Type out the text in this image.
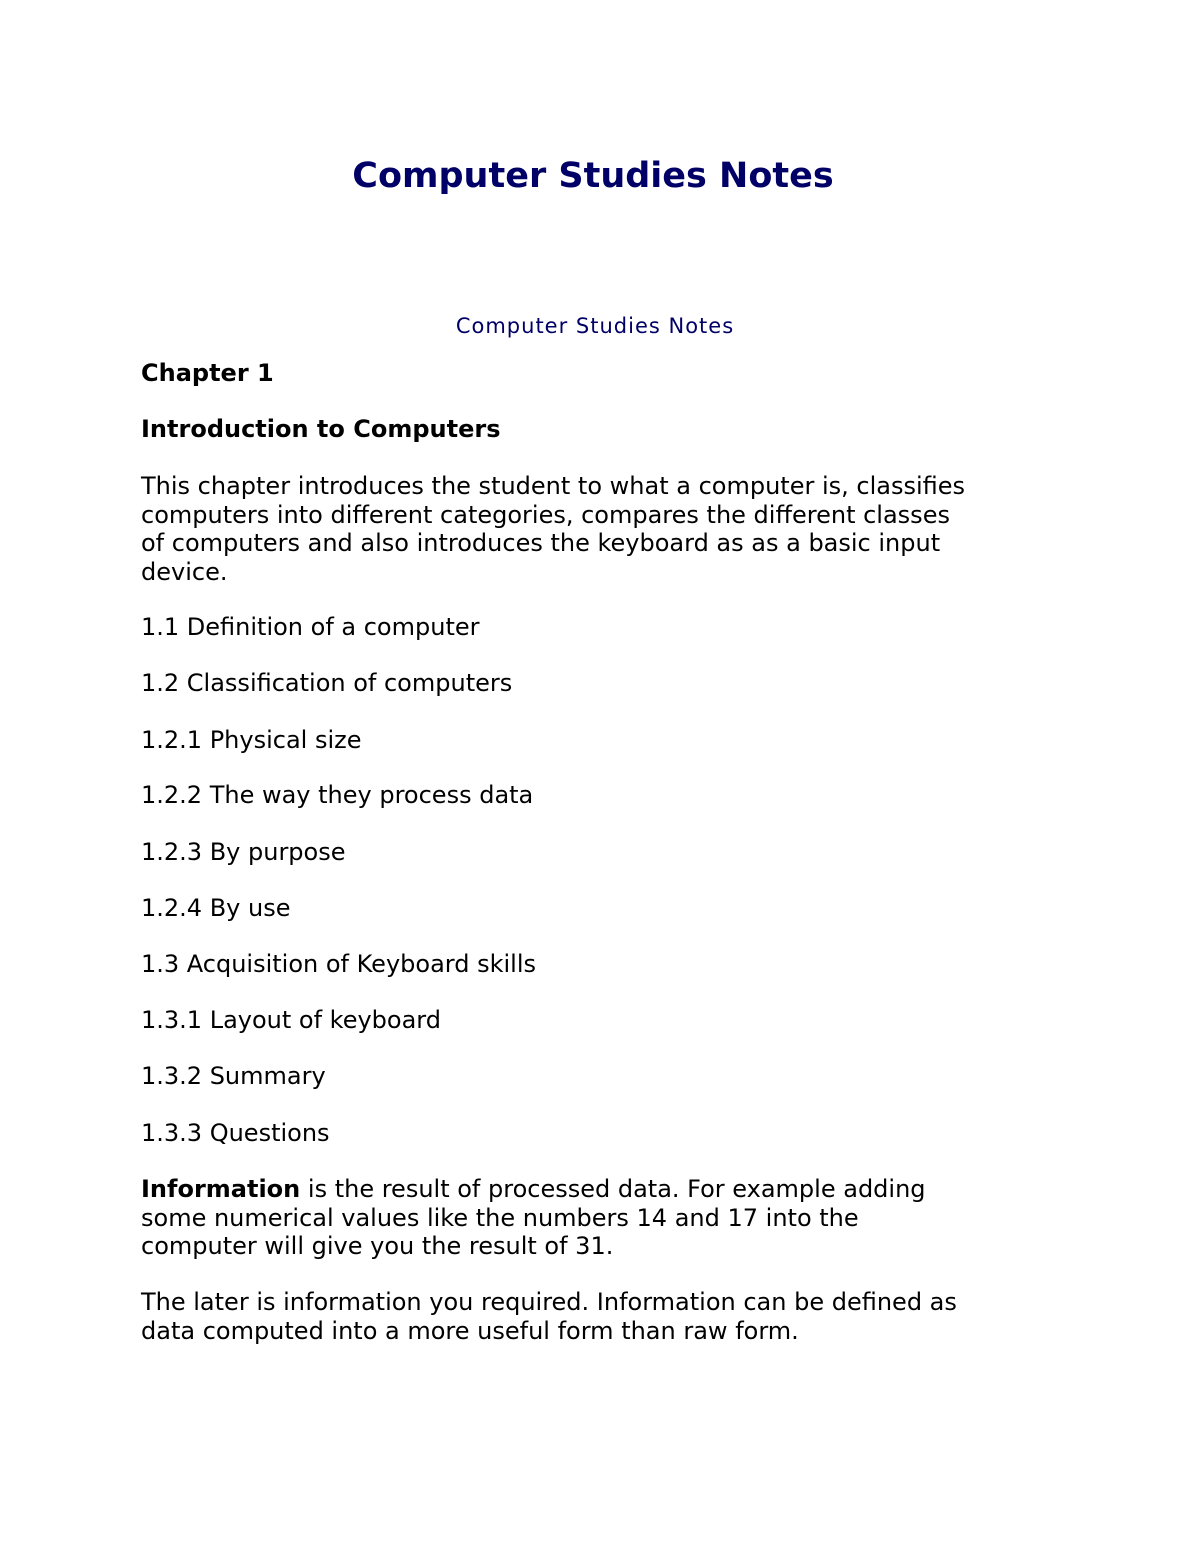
Computer Studies Notes

Computer Studies Notes

Chapter 1

Introduction to Computers

This chapter introduces the student to what a computer is, classifies
computers into different categories, compares the different classes
of computers and also introduces the keyboard as as a basic input
device.

1.1 Definition of a computer

1.2 Classification of computers

1.2.1 Physical size

1.2.2 The way they process data

1.2.3 By purpose

1.2.4 By use

1.3 Acquisition of Keyboard skills

1.3.1 Layout of keyboard

1.3.2 Summary

1.3.3 Questions

Information is the result of processed data. For example adding
some numerical values like the numbers 14 and 17 into the
computer will give you the result of 31.

The later is information you required. Information can be defined as
data computed into a more useful form than raw form.
